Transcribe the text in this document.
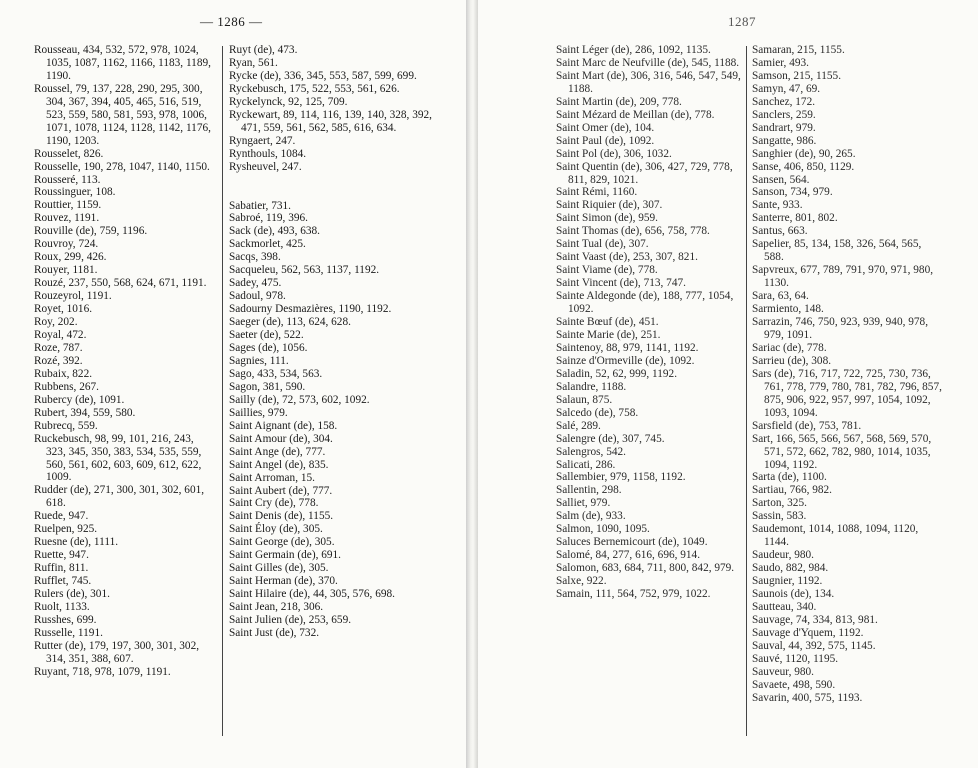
— 1286 —
Rousseau, 434, 532, 572, 978, 1024, 1035, 1087, 1162, 1166, 1183, 1189, 1190.
Roussel, 79, 137, 228, 290, 295, 300, 304, 367, 394, 405, 465, 516, 519, 523, 559, 580, 581, 593, 978, 1006, 1071, 1078, 1124, 1128, 1142, 1176, 1190, 1203.
Rousselet, 826.
Rousselle, 190, 278, 1047, 1140, 1150.
Rousseré, 113.
Roussinguer, 108.
Routtier, 1159.
Rouvez, 1191.
Rouville (de), 759, 1196.
Rouvroy, 724.
Roux, 299, 426.
Rouyer, 1181.
Rouzé, 237, 550, 568, 624, 671, 1191.
Rouzeyrol, 1191.
Royet, 1016.
Roy, 202.
Royal, 472.
Roze, 787.
Rozé, 392.
Rubaix, 822.
Rubbens, 267.
Rubercy (de), 1091.
Rubert, 394, 559, 580.
Rubrecq, 559.
Ruckebusch, 98, 99, 101, 216, 243, 323, 345, 350, 383, 534, 535, 559, 560, 561, 602, 603, 609, 612, 622, 1009.
Rudder (de), 271, 300, 301, 302, 601, 618.
Ruede, 947.
Ruelpen, 925.
Ruesne (de), 1111.
Ruette, 947.
Ruffin, 811.
Rufflet, 745.
Rulers (de), 301.
Ruolt, 1133.
Russhes, 699.
Russelle, 1191.
Rutter (de), 179, 197, 300, 301, 302, 314, 351, 388, 607.
Ruyant, 718, 978, 1079, 1191.
Ruyt (de), 473.
Ryan, 561.
Rycke (de), 336, 345, 553, 587, 599, 699.
Ryckebusch, 175, 522, 553, 561, 626.
Ryckelynck, 92, 125, 709.
Ryckewart, 89, 114, 116, 139, 140, 328, 392, 471, 559, 561, 562, 585, 616, 634.
Ryngaert, 247.
Rynthouls, 1084.
Rysheuvel, 247.
Sabatier, 731.
Sabroé, 119, 396.
Sack (de), 493, 638.
Sackmorlet, 425.
Sacqs, 398.
Sacqueleu, 562, 563, 1137, 1192.
Sadey, 475.
Sadoul, 978.
Sadourny Desmazières, 1190, 1192.
Saeger (de), 113, 624, 628.
Saeter (de), 522.
Sages (de), 1056.
Sagnies, 111.
Sago, 433, 534, 563.
Sagon, 381, 590.
Sailly (de), 72, 573, 602, 1092.
Saillies, 979.
Saint Aignant (de), 158.
Saint Amour (de), 304.
Saint Ange (de), 777.
Saint Angel (de), 835.
Saint Arroman, 15.
Saint Aubert (de), 777.
Saint Cry (de), 778.
Saint Denis (de), 1155.
Saint Éloy (de), 305.
Saint George (de), 305.
Saint Germain (de), 691.
Saint Gilles (de), 305.
Saint Herman (de), 370.
Saint Hilaire (de), 44, 305, 576, 698.
Saint Jean, 218, 306.
Saint Julien (de), 253, 659.
Saint Just (de), 732.
1287
Saint Léger (de), 286, 1092, 1135.
Saint Marc de Neufville (de), 545, 1188.
Saint Mart (de), 306, 316, 546, 547, 549, 1188.
Saint Martin (de), 209, 778.
Saint Mézard de Meillan (de), 778.
Saint Omer (de), 104.
Saint Paul (de), 1092.
Saint Pol (de), 306, 1032.
Saint Quentin (de), 306, 427, 729, 778, 811, 829, 1021.
Saint Rémi, 1160.
Saint Riquier (de), 307.
Saint Simon (de), 959.
Saint Thomas (de), 656, 758, 778.
Saint Tual (de), 307.
Saint Vaast (de), 253, 307, 821.
Saint Viame (de), 778.
Saint Vincent (de), 713, 747.
Sainte Aldegonde (de), 188, 777, 1054, 1092.
Sainte Bœuf (de), 451.
Sainte Marie (de), 251.
Saintenoy, 88, 979, 1141, 1192.
Sainze d'Ormeville (de), 1092.
Saladin, 52, 62, 999, 1192.
Salandre, 1188.
Salaun, 875.
Salcedo (de), 758.
Salé, 289.
Salengre (de), 307, 745.
Salengros, 542.
Salicati, 286.
Sallembier, 979, 1158, 1192.
Sallentin, 298.
Salliet, 979.
Salm (de), 933.
Salmon, 1090, 1095.
Saluces Bernemicourt (de), 1049.
Salomé, 84, 277, 616, 696, 914.
Salomon, 683, 684, 711, 800, 842, 979.
Salxe, 922.
Samain, 111, 564, 752, 979, 1022.
Samaran, 215, 1155.
Samier, 493.
Samson, 215, 1155.
Samyn, 47, 69.
Sanchez, 172.
Sanclers, 259.
Sandrart, 979.
Sangatte, 986.
Sanghier (de), 90, 265.
Sanse, 406, 850, 1129.
Sansen, 564.
Sanson, 734, 979.
Sante, 933.
Santerre, 801, 802.
Santus, 663.
Sapelier, 85, 134, 158, 326, 564, 565, 588.
Sapvreux, 677, 789, 791, 970, 971, 980, 1130.
Sara, 63, 64.
Sarmiento, 148.
Sarrazin, 746, 750, 923, 939, 940, 978, 979, 1091.
Sariac (de), 778.
Sarrieu (de), 308.
Sars (de), 716, 717, 722, 725, 730, 736, 761, 778, 779, 780, 781, 782, 796, 857, 875, 906, 922, 957, 997, 1054, 1092, 1093, 1094.
Sarsfield (de), 753, 781.
Sart, 166, 565, 566, 567, 568, 569, 570, 571, 572, 662, 782, 980, 1014, 1035, 1094, 1192.
Sarta (de), 1100.
Sartiau, 766, 982.
Sarton, 325.
Sassin, 583.
Saudemont, 1014, 1088, 1094, 1120, 1144.
Saudeur, 980.
Saudo, 882, 984.
Saugnier, 1192.
Saunois (de), 134.
Sautteau, 340.
Sauvage, 74, 334, 813, 981.
Sauvage d'Yquem, 1192.
Sauval, 44, 392, 575, 1145.
Sauvé, 1120, 1195.
Sauveur, 980.
Savaete, 498, 590.
Savarin, 400, 575, 1193.
